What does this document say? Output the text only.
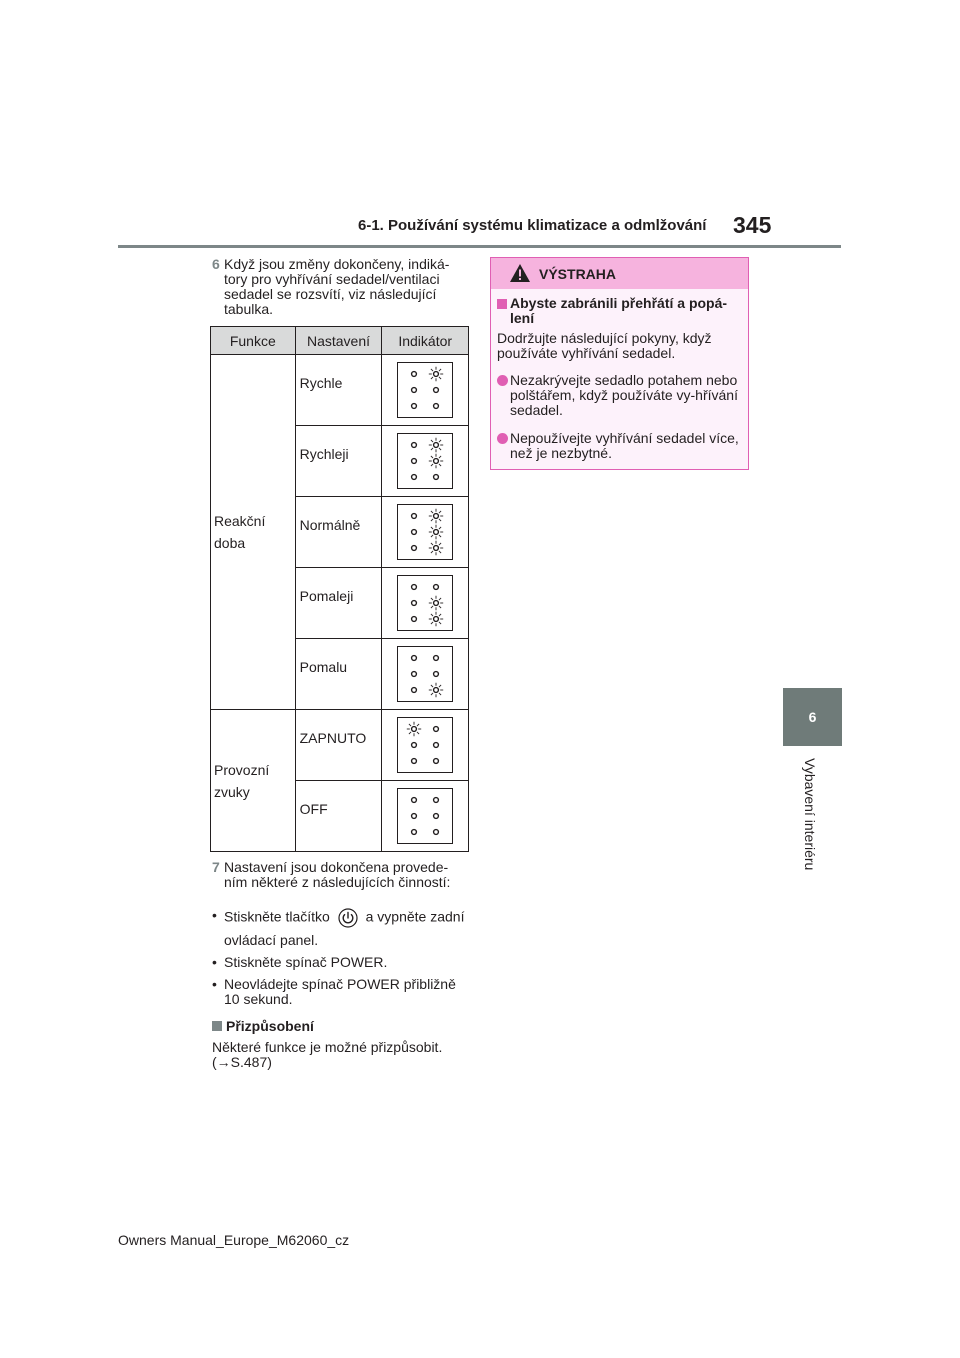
6-1. Používání systému klimatizace a odmlžování 345
6
Vybavení interiéru
6 Když jsou změny dokončeny, indiká-tory pro vyhřívání sedadel/ventilaci sedadel se rozsvítí, viz následující tabulka.
Funkce	Nastavení	Indikátor
Reakční doba	Rychle	

	Rychleji	

	Normálně	

	Pomaleji	

	Pomalu	

Provozní zvuky	ZAPNUTO	

	OFF	
7 Nastavení jsou dokončena provede-ním některé z následujících činností:
• Stiskněte tlačítko	a vypněte zadní
ovládací panel.
• Stiskněte spínač POWER.
• Neovládejte spínač POWER přibližně 10 sekund.
Přizpůsobení
Některé funkce je možné přizpůsobit.
(→S.487)
VÝSTRAHA
Abyste zabránili přehřátí a popá-lení
Dodržujte následující pokyny, když používáte vyhřívání sedadel.
Nezakrývejte sedadlo potahem nebo polštářem, když používáte vy-hřívání sedadel.
Nepoužívejte vyhřívání sedadel více, než je nezbytné.
Owners Manual_Europe_M62060_cz
